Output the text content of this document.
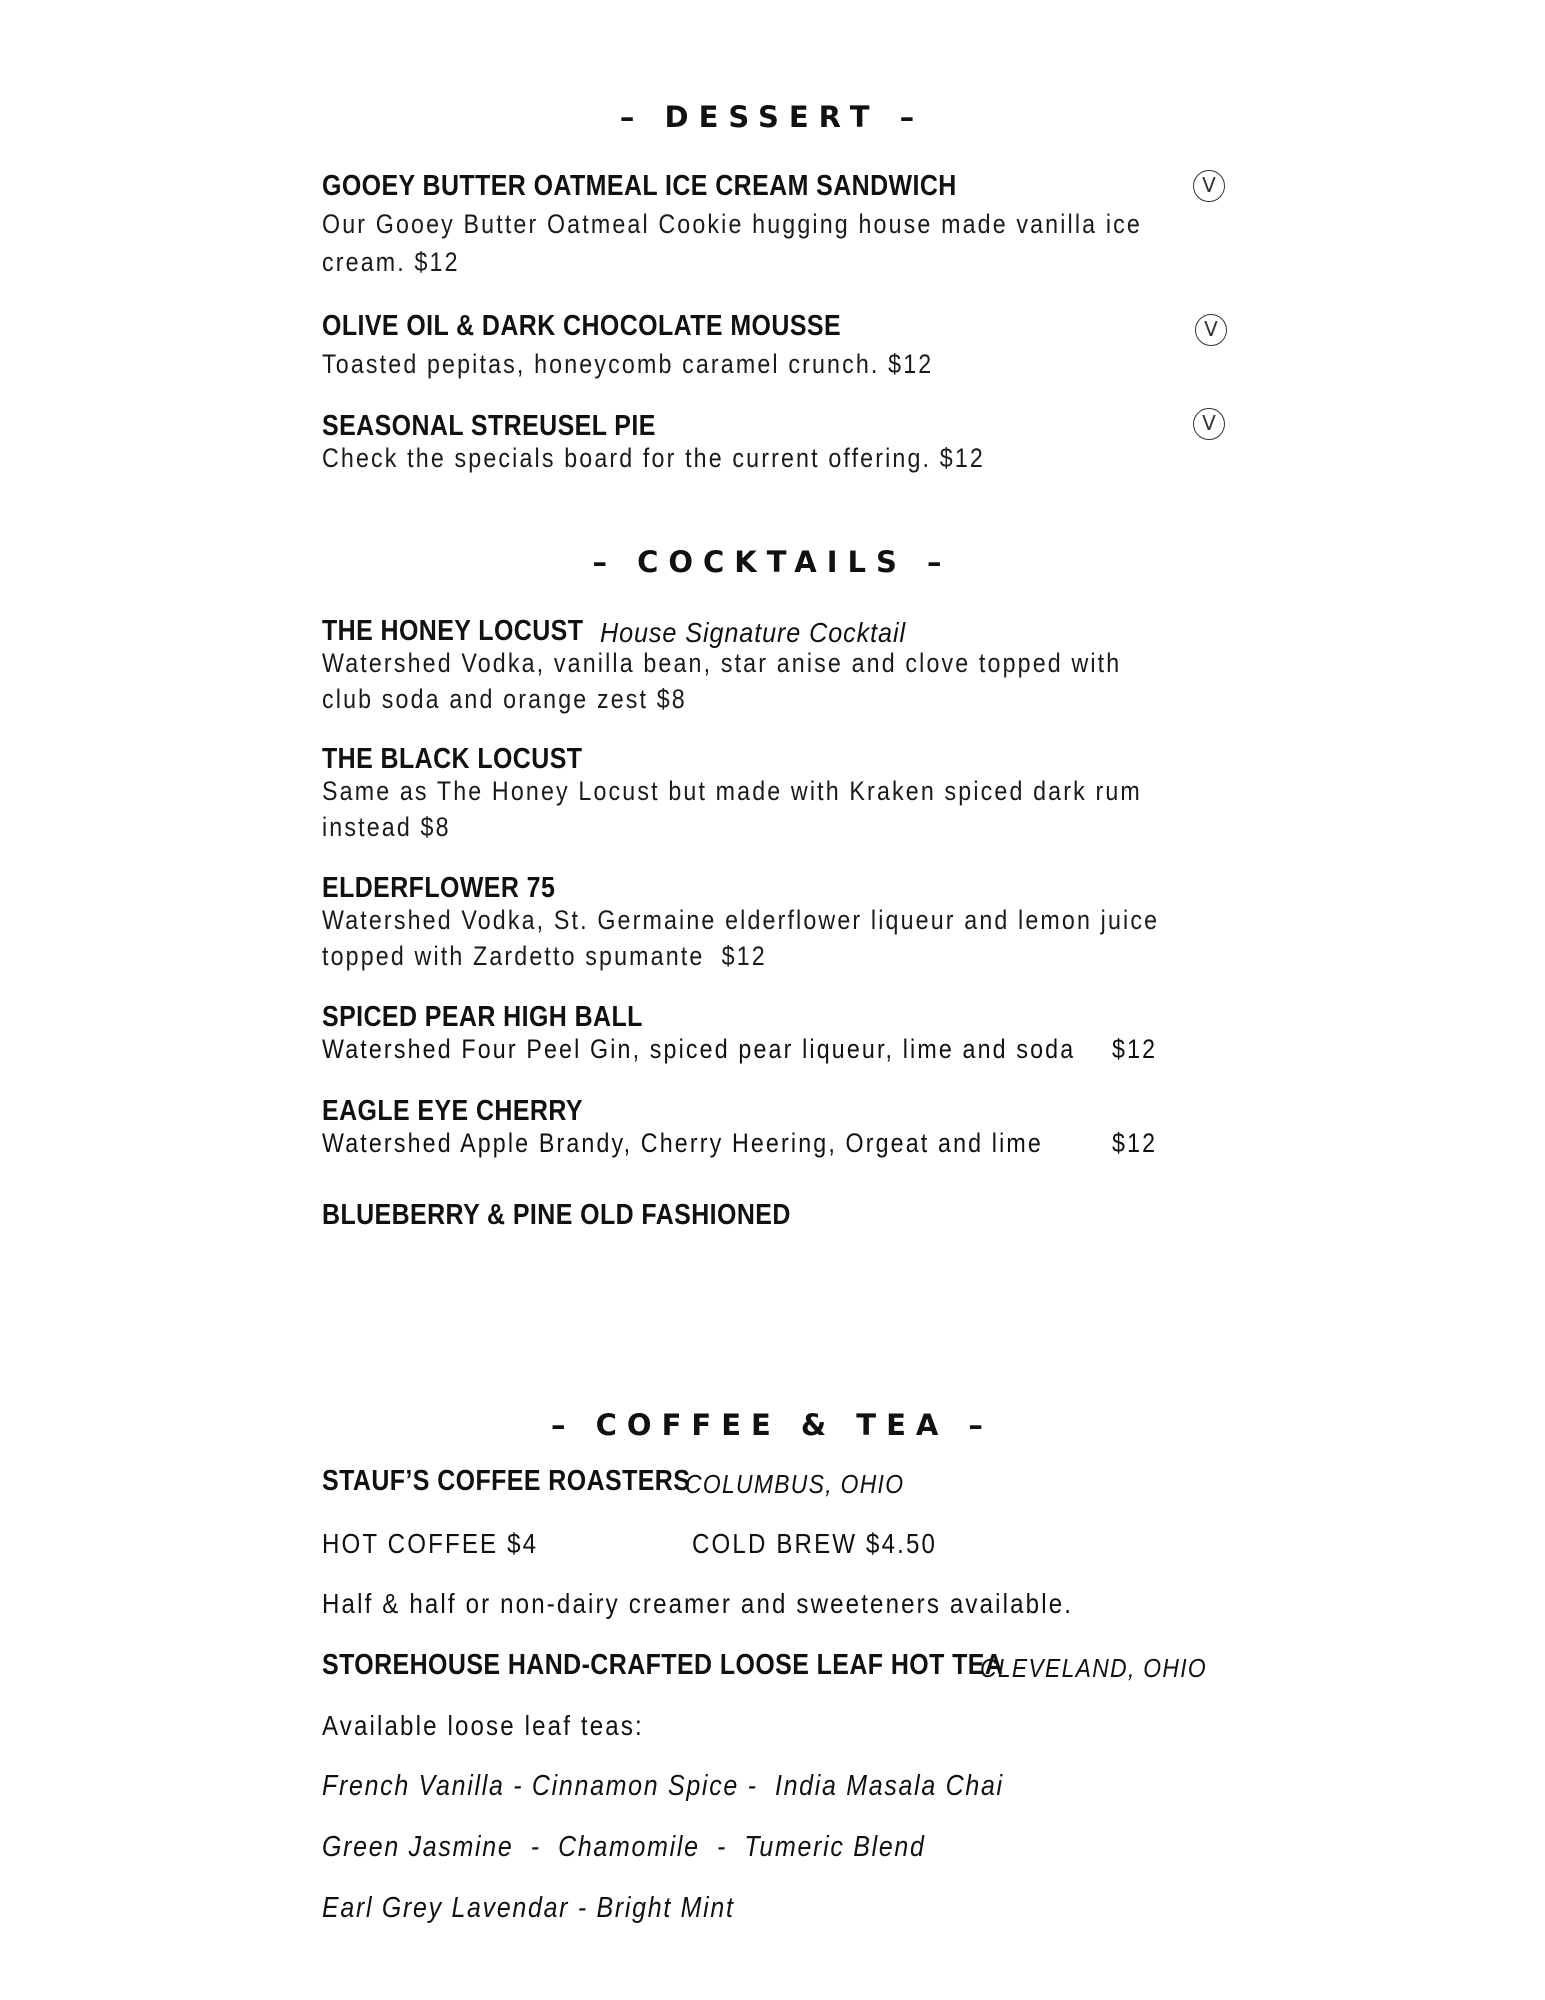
– DESSERT –
GOOEY BUTTER OATMEAL ICE CREAM SANDWICH	V
Our Gooey Butter Oatmeal Cookie hugging house made vanilla ice cream. $12
OLIVE OIL & DARK CHOCOLATE MOUSSE	V
Toasted pepitas, honeycomb caramel crunch. $12
SEASONAL STREUSEL PIE	V
Check the specials board for the current offering. $12
– COCKTAILS –
THE HONEY LOCUST House Signature Cocktail
Watershed Vodka, vanilla bean, star anise and clove topped with club soda and orange zest $8
THE BLACK LOCUST
Same as The Honey Locust but made with Kraken spiced dark rum instead $8
ELDERFLOWER 75
Watershed Vodka, St. Germaine elderflower liqueur and lemon juice topped with Zardetto spumante  $12
SPICED PEAR HIGH BALL
Watershed Four Peel Gin, spiced pear liqueur, lime and soda $12
EAGLE EYE CHERRY
Watershed Apple Brandy, Cherry Heering, Orgeat and lime	$12
BLUEBERRY & PINE OLD FASHIONED
– COFFEE & TEA –
STAUF’S COFFEE ROASTERS
COLUMBUS, OHIO
HOT COFFEE $4	COLD BREW $4.50
Half & half or non-dairy creamer and sweeteners available.
STOREHOUSE HAND-CRAFTED LOOSE LEAF HOT TEA
CLEVELAND, OHIO
Available loose leaf teas:
French Vanilla - Cinnamon Spice -  India Masala Chai
Green Jasmine  -  Chamomile  -  Tumeric Blend
Earl Grey Lavendar - Bright Mint
